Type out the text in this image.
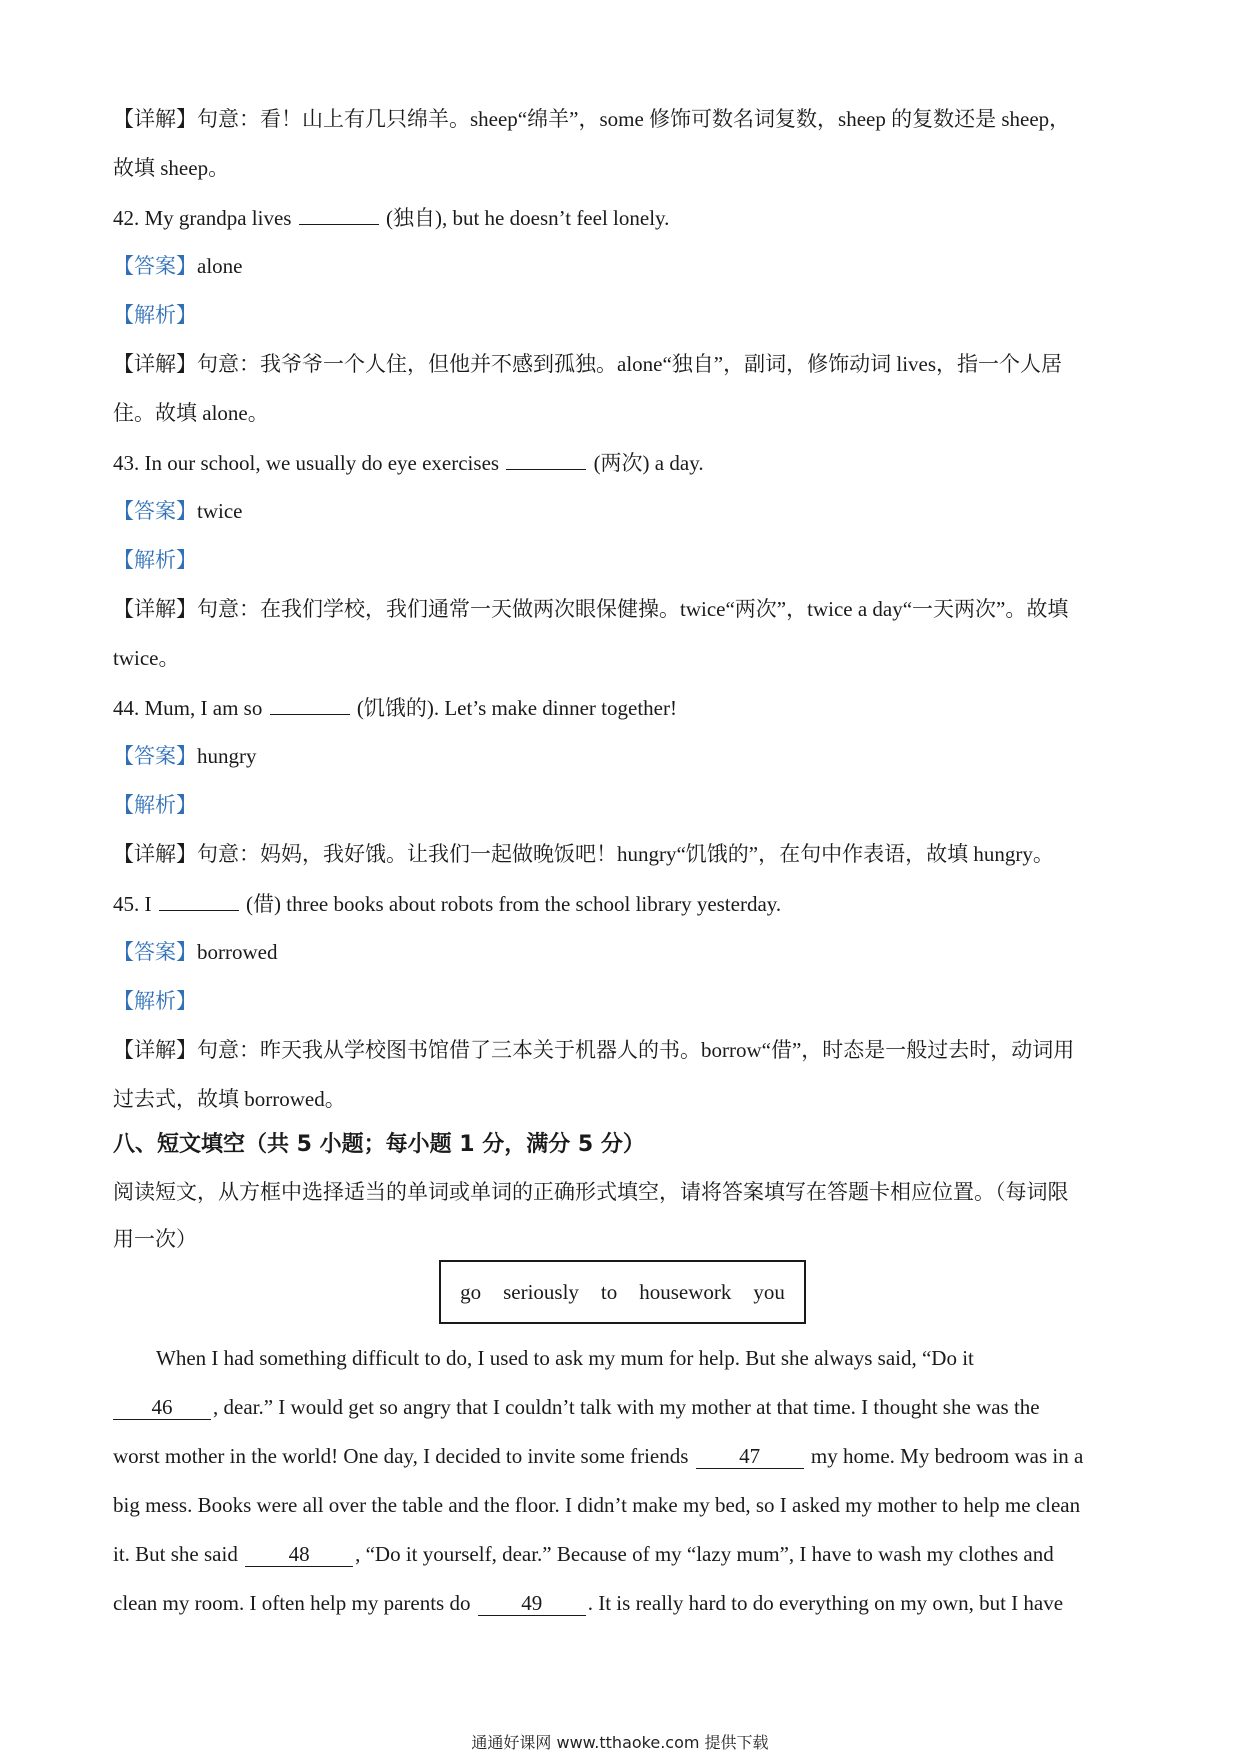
【详解】句意：看！山上有几只绵羊。sheep“绵羊”，some 修饰可数名词复数，sheep 的复数还是 sheep，
故填 sheep。
42. My grandpa lives	(独自), but he doesn’t feel lonely.
【答案】alone
【解析】
【详解】句意：我爷爷一个人住，但他并不感到孤独。alone“独自”，副词，修饰动词 lives，指一个人居
住。故填 alone。
43. In our school, we usually do eye exercises	(两次) a day.
【答案】twice
【解析】
【详解】句意：在我们学校，我们通常一天做两次眼保健操。twice“两次”，twice a day“一天两次”。故填
twice。
44. Mum, I am so	(饥饿的). Let’s make dinner together!
【答案】hungry
【解析】
【详解】句意：妈妈，我好饿。让我们一起做晚饭吧！hungry“饥饿的”，在句中作表语，故填 hungry。
45. I	(借) three books about robots from the school library yesterday.
【答案】borrowed
【解析】
【详解】句意：昨天我从学校图书馆借了三本关于机器人的书。borrow“借”，时态是一般过去时，动词用
过去式，故填 borrowed。
八、短文填空（共 5 小题；每小题 1 分，满分 5 分）
阅读短文，从方框中选择适当的单词或单词的正确形式填空，请将答案填写在答题卡相应位置。（每词限
用一次）
go seriously to housework you
When I had something difficult to do, I used to ask my mum for help. But she always said, “Do it
46 , dear.” I would get so angry that I couldn’t talk with my mother at that time. I thought she was the
worst mother in the world! One day, I decided to invite some friends 47 my home. My bedroom was in a
big mess. Books were all over the table and the floor. I didn’t make my bed, so I asked my mother to help me clean
it. But she said 48 , “Do it yourself, dear.” Because of my “lazy mum”, I have to wash my clothes and
clean my room. I often help my parents do 49 . It is really hard to do everything on my own, but I have
通通好课网 www.tthaoke.com 提供下载
